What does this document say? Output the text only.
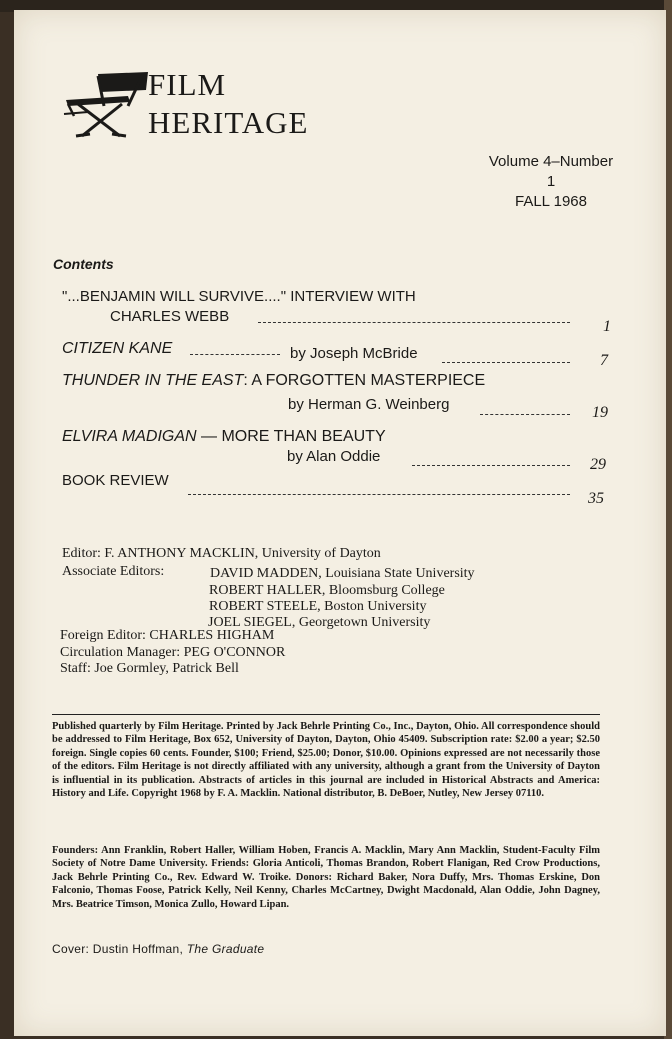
FILM
HERITAGE
Volume 4–Number 1
FALL 1968
Contents
"...BENJAMIN WILL SURVIVE...." INTERVIEW WITH
CHARLES WEBB
1
CITIZEN KANE	by Joseph McBride	7
THUNDER IN THE EAST: A FORGOTTEN MASTERPIECE
by Herman G. Weinberg	19
ELVIRA MADIGAN — MORE THAN BEAUTY
by Alan Oddie	29
BOOK REVIEW
35
Editor: F. ANTHONY MACKLIN, University of Dayton
Associate Editors:	DAVID MADDEN, Louisiana State University
ROBERT HALLER, Bloomsburg College
ROBERT STEELE, Boston University
JOEL SIEGEL, Georgetown University
Foreign Editor: CHARLES HIGHAM
Circulation Manager: PEG O'CONNOR
Staff: Joe Gormley, Patrick Bell
Published quarterly by Film Heritage. Printed by Jack Behrle Printing Co., Inc., Dayton, Ohio. All correspondence should be addressed to Film Heritage, Box 652, University of Dayton, Dayton, Ohio 45409. Subscription rate: $2.00 a year; $2.50 foreign. Single copies 60 cents. Founder, $100; Friend, $25.00; Donor, $10.00. Opinions expressed are not necessarily those of the editors. Film Heritage is not directly affiliated with any university, although a grant from the University of Dayton is influential in its publication. Abstracts of articles in this journal are included in Historical Abstracts and America: History and Life. Copyright 1968 by F. A. Macklin. National distributor, B. DeBoer, Nutley, New Jersey 07110.
Founders: Ann Franklin, Robert Haller, William Hoben, Francis A. Macklin, Mary Ann Macklin, Student-Faculty Film Society of Notre Dame University. Friends: Gloria Anticoli, Thomas Brandon, Robert Flanigan, Red Crow Productions, Jack Behrle Printing Co., Rev. Edward W. Troike. Donors: Richard Baker, Nora Duffy, Mrs. Thomas Erskine, Don Falconio, Thomas Foose, Patrick Kelly, Neil Kenny, Charles McCartney, Dwight Macdonald, Alan Oddie, John Dagney, Mrs. Beatrice Timson, Monica Zullo, Howard Lipan.
Cover: Dustin Hoffman, The Graduate
